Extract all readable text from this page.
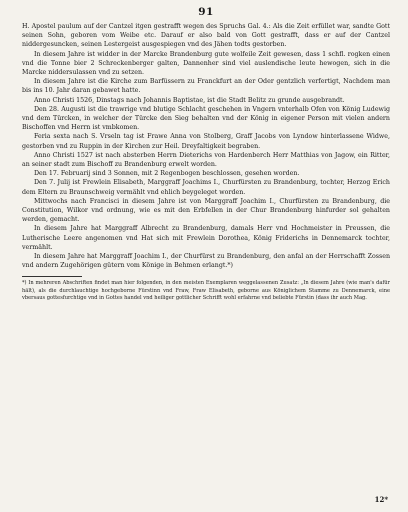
91

H. Apostel paulum auf der Cantzel itgen gestrafft wegen des Spruchs Gal. 4.: Als die Zeit erfüllet war, sandte Gott seinen Sohn, geboren vom Weibe etc. Darauf er also bald von Gott gestrafft, dass er auf der Cantzel niddergesuncken, seinen Lestergeist ausgespiegen vnd des Jähen todts gestorben.

In diesem Jahre ist widder in der Marcke Brandenburg gute wolfeile Zeit gewesen, dass 1 schfl. rogken einen vnd die Tonne bier 2 Schreckenberger galten, Dannenher sind viel auslendische leute hewogen, sich in die Marcke niddersulassen vnd zu setzen.

In diesem Jahre ist die Kirche zum Barfüssern zu Franckfurt an der Oder gentzlich verfertigt, Nachdem man bis ins 10. Jahr daran gebawet hatte.

Anno Christi 1526, Dinstags nach Johannis Baptistae, ist die Stadt Belitz zu grunde ausgebrandt.

Den 28. Augusti ist die trawrige vnd blutige Schlacht geschehen in Vngern vnterhalb Ofen von König Ludewig vnd dem Türcken, in welcher der Türcke den Sieg behalten vnd der König in eigener Person mit vielen andern Bischoffen vnd Herrn ist vmbkomen.

Feria sexta nach S. Vrseln tag ist Frawe Anna von Stolberg, Graff Jacobs von Lyndow hinterlassene Widwe, gestorben vnd zu Ruppin in der Kirchen zur Heil. Dreyfaltigkeit begraben.

Anno Christi 1527 ist nach absterben Herrn Dieterichs von Hardenberch Herr Matthias von Jagow, ein Ritter, an seiner stadt zum Bischoff zu Brandenburg erwelt worden.

Den 17. Februarij sind 3 Sonnen, mit 2 Regenbogen beschlossen, gesehen worden.

Den 7. Julij ist Frewlein Elisabeth, Marggraff Joachims I., Churfürsten zu Brandenburg, tochter, Herzog Erich dem Eltern zu Braunschweig vermählt vnd ehlich beygeleget worden.

Mittwochs nach Francisci in diesem Jahre ist von Marggraff Joachim I., Churfürsten zu Brandenburg, die Constitution, Wilkor vnd ordnung, wie es mit den Erbfellen in der Chur Brandenburg hinfurder sol gehalten werden, gemacht.

In diesem Jahre hat Marggraff Albrecht zu Brandenburg, damals Herr vnd Hochmeister in Preussen, die Lutherische Leere angenomen vnd Hat sich mit Frewlein Dorothea, König Friderichs in Dennemarck tochter, vermählt.

In diesem Jahre hat Marggraff Joachim I., der Churfürst zu Brandenburg, den anfal an der Herrschafft Zossen vnd andern Zugehörigen gütern vom Könige in Behmen erlangt.*)

*) In mehreren Abschriften findet man hier folgenden, in den meisten Exemplaren weggelassenen Zusatz: „In diesem Jahre (wie man's dafür hält), als die durchlauchtige hochgeborne Fürstinn vnd Fraw, Fraw Elisabeth, geborne aus Königlichem Stamme zu Dennemarck, eine vbersaus gottesfurchtige vnd in Gottes handel vnd heiliger gottlicher Schrifft wohl erfahrne vnd beliebte Fürstin (dass ihr auch Mag.

12*
